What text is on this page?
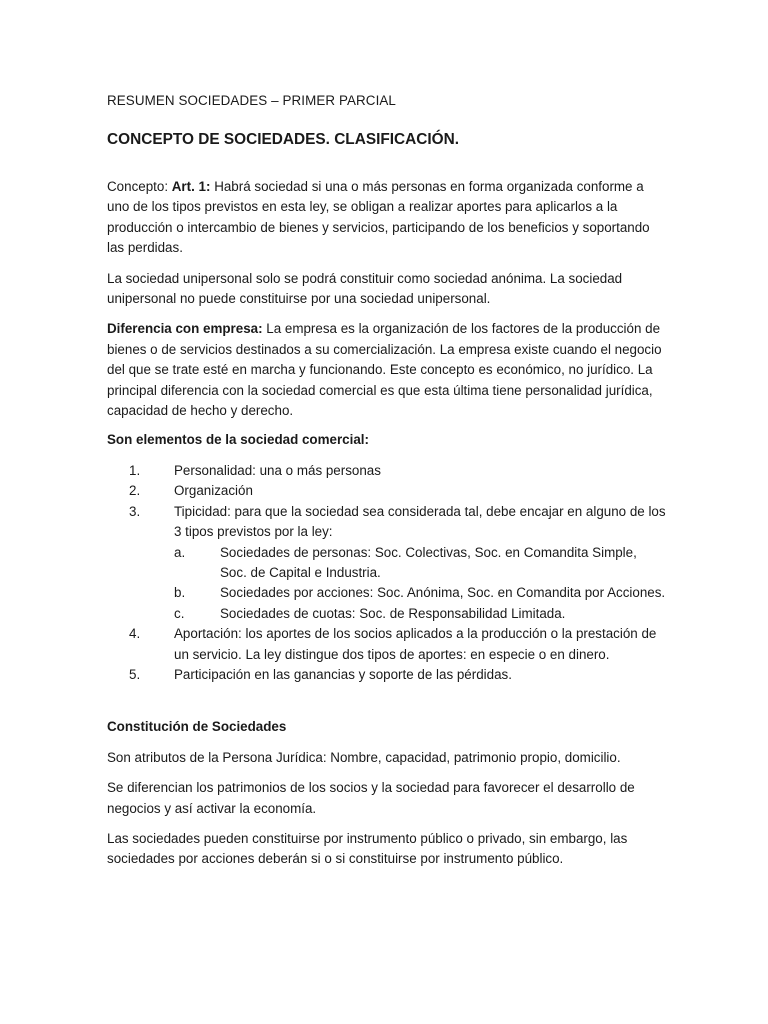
RESUMEN SOCIEDADES – PRIMER PARCIAL

CONCEPTO DE SOCIEDADES. CLASIFICACIÓN.

Concepto: Art. 1: Habrá sociedad si una o más personas en forma organizada conforme a uno de los tipos previstos en esta ley, se obligan a realizar aportes para aplicarlos a la producción o intercambio de bienes y servicios, participando de los beneficios y soportando las perdidas.

La sociedad unipersonal solo se podrá constituir como sociedad anónima. La sociedad unipersonal no puede constituirse por una sociedad unipersonal.

Diferencia con empresa: La empresa es la organización de los factores de la producción de bienes o de servicios destinados a su comercialización. La empresa existe cuando el negocio del que se trate esté en marcha y funcionando. Este concepto es económico, no jurídico. La principal diferencia con la sociedad comercial es que esta última tiene personalidad jurídica, capacidad de hecho y derecho.

Son elementos de la sociedad comercial:

1.	Personalidad: una o más personas
2.	Organización
3.	Tipicidad: para que la sociedad sea considerada tal, debe encajar en alguno de los 3 tipos previstos por la ley:
a.	Sociedades de personas: Soc. Colectivas, Soc. en Comandita Simple, Soc. de Capital e Industria.
b.	Sociedades por acciones: Soc. Anónima, Soc. en Comandita por Acciones.
c.	Sociedades de cuotas: Soc. de Responsabilidad Limitada.
4.	Aportación: los aportes de los socios aplicados a la producción o la prestación de un servicio. La ley distingue dos tipos de aportes: en especie o en dinero.
5.	Participación en las ganancias y soporte de las pérdidas.

Constitución de Sociedades

Son atributos de la Persona Jurídica: Nombre, capacidad, patrimonio propio, domicilio.

Se diferencian los patrimonios de los socios y la sociedad para favorecer el desarrollo de negocios y así activar la economía.

Las sociedades pueden constituirse por instrumento público o privado, sin embargo, las sociedades por acciones deberán si o si constituirse por instrumento público.
